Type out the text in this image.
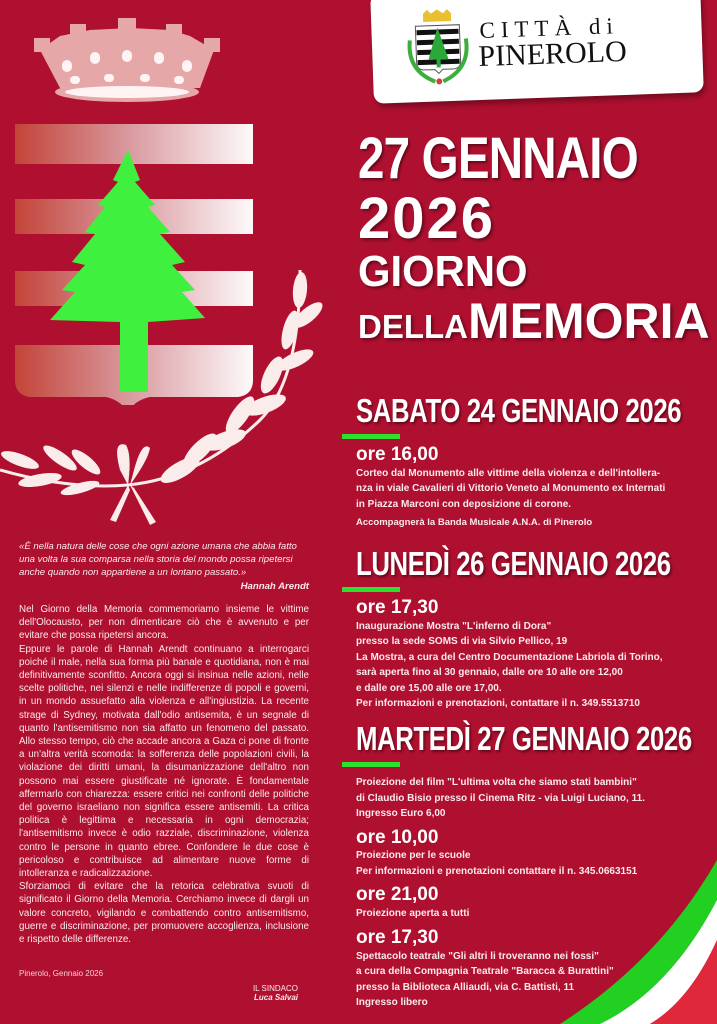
CITTÀ di
PINEROLO
27 GENNAIO
2026
GIORNO
DELLAMEMORIA
SABATO 24 GENNAIO 2026
ore 16,00
Corteo dal Monumento alle vittime della violenza e dell'intollera-
nza in viale Cavalieri di Vittorio Veneto al Monumento ex Internati
in Piazza Marconi con deposizione di corone.
Accompagnerà la Banda Musicale A.N.A. di Pinerolo
LUNEDÌ 26 GENNAIO 2026
ore 17,30
Inaugurazione Mostra "L'inferno di Dora"
presso la sede SOMS di via Silvio Pellico, 19
La Mostra, a cura del Centro Documentazione Labriola di Torino,
sarà aperta fino al 30 gennaio, dalle ore 10 alle ore 12,00
e dalle ore 15,00 alle ore 17,00.
Per informazioni e prenotazioni, contattare il n. 349.5513710
MARTEDÌ 27 GENNAIO 2026
Proiezione del film "L'ultima volta che siamo stati bambini"
di Claudio Bisio presso il Cinema Ritz - via Luigi Luciano, 11.
Ingresso Euro 6,00
ore 10,00
Proiezione per le scuole
Per informazioni e prenotazioni contattare il n. 345.0663151
ore 21,00
Proiezione aperta a tutti
ore 17,30
Spettacolo teatrale "Gli altri li troveranno nei fossi"
a cura della Compagnia Teatrale "Baracca & Burattini"
presso la Biblioteca Alliaudi, via C. Battisti, 11
Ingresso libero
«È nella natura delle cose che ogni azione umana che abbia fatto una volta la sua comparsa nella storia del mondo possa ripetersi anche quando non appartiene a un lontano passato.»
Hannah Arendt

Nel Giorno della Memoria commemoriamo insieme le vittime dell'Olocausto, per non dimenticare ciò che è avvenuto e per evitare che possa ripetersi ancora.

Eppure le parole di Hannah Arendt continuano a interrogarci poiché il male, nella sua forma più banale e quotidiana, non è mai definitivamente sconfitto. Ancora oggi si insinua nelle azioni, nelle scelte politiche, nei silenzi e nelle indifferenze di popoli e governi, in un mondo assuefatto alla violenza e all'ingiustizia. La recente strage di Sydney, motivata dall'odio antisemita, è un segnale di quanto l'antisemitismo non sia affatto un fenomeno del passato. Allo stesso tempo, ciò che accade ancora a Gaza ci pone di fronte a un'altra verità scomoda: la sofferenza delle popolazioni civili, la violazione dei diritti umani, la disumanizzazione dell'altro non possono mai essere giustificate né ignorate. È fondamentale affermarlo con chiarezza: essere critici nei confronti delle politiche del governo israeliano non significa essere antisemiti. La critica politica è legittima e necessaria in ogni democrazia; l'antisemitismo invece è odio razziale, discriminazione, violenza contro le persone in quanto ebree. Confondere le due cose è pericoloso e contribuisce ad alimentare nuove forme di intolleranza e radicalizzazione.

Sforziamoci di evitare che la retorica celebrativa svuoti di significato il Giorno della Memoria. Cerchiamo invece di dargli un valore concreto, vigilando e combattendo contro antisemitismo, guerre e discriminazione, per promuovere accoglienza, inclusione e rispetto delle differenze.

Pinerolo, Gennaio 2026
IL SINDACO
Luca Salvai
